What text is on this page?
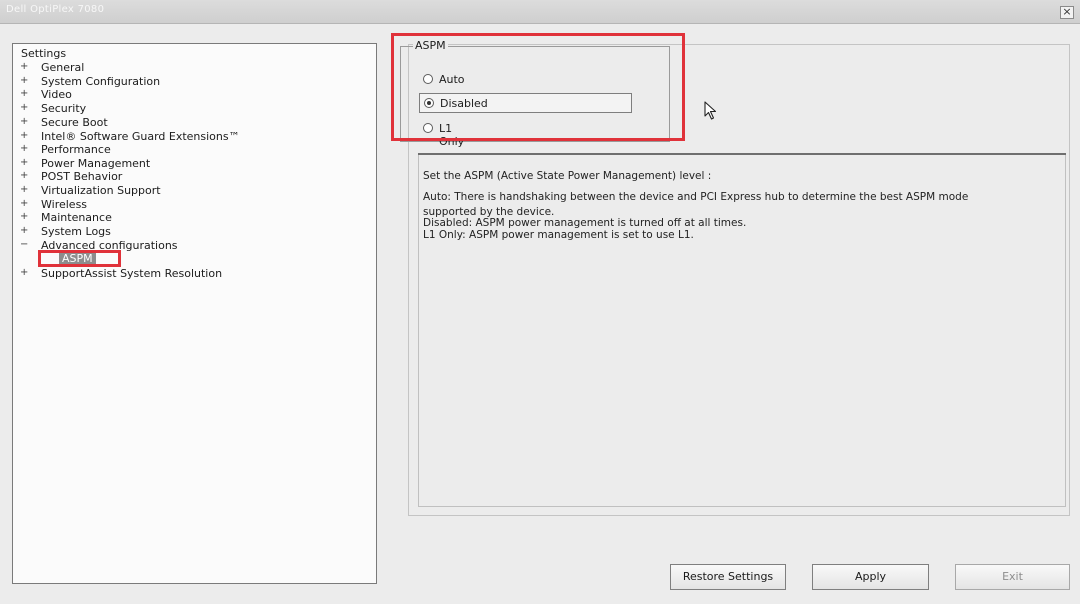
Dell OptiPlex 7080	×
Settings
+ General
+ System Configuration
+ Video
+ Security
+ Secure Boot
+ Intel® Software Guard Extensions™
+ Performance
+ Power Management
+ POST Behavior
+ Virtualization Support
+ Wireless
+ Maintenance
+ System Logs
− Advanced configurations
ASPM
+ SupportAssist System Resolution
ASPM
Auto
Disabled
L1 Only
Set the ASPM (Active State Power Management) level :
Auto: There is handshaking between the device and PCI Express hub to determine the best ASPM mode
supported by the device.
Disabled: ASPM power management is turned off at all times.
L1 Only: ASPM power management is set to use L1.
Restore Settings	Apply	Exit
